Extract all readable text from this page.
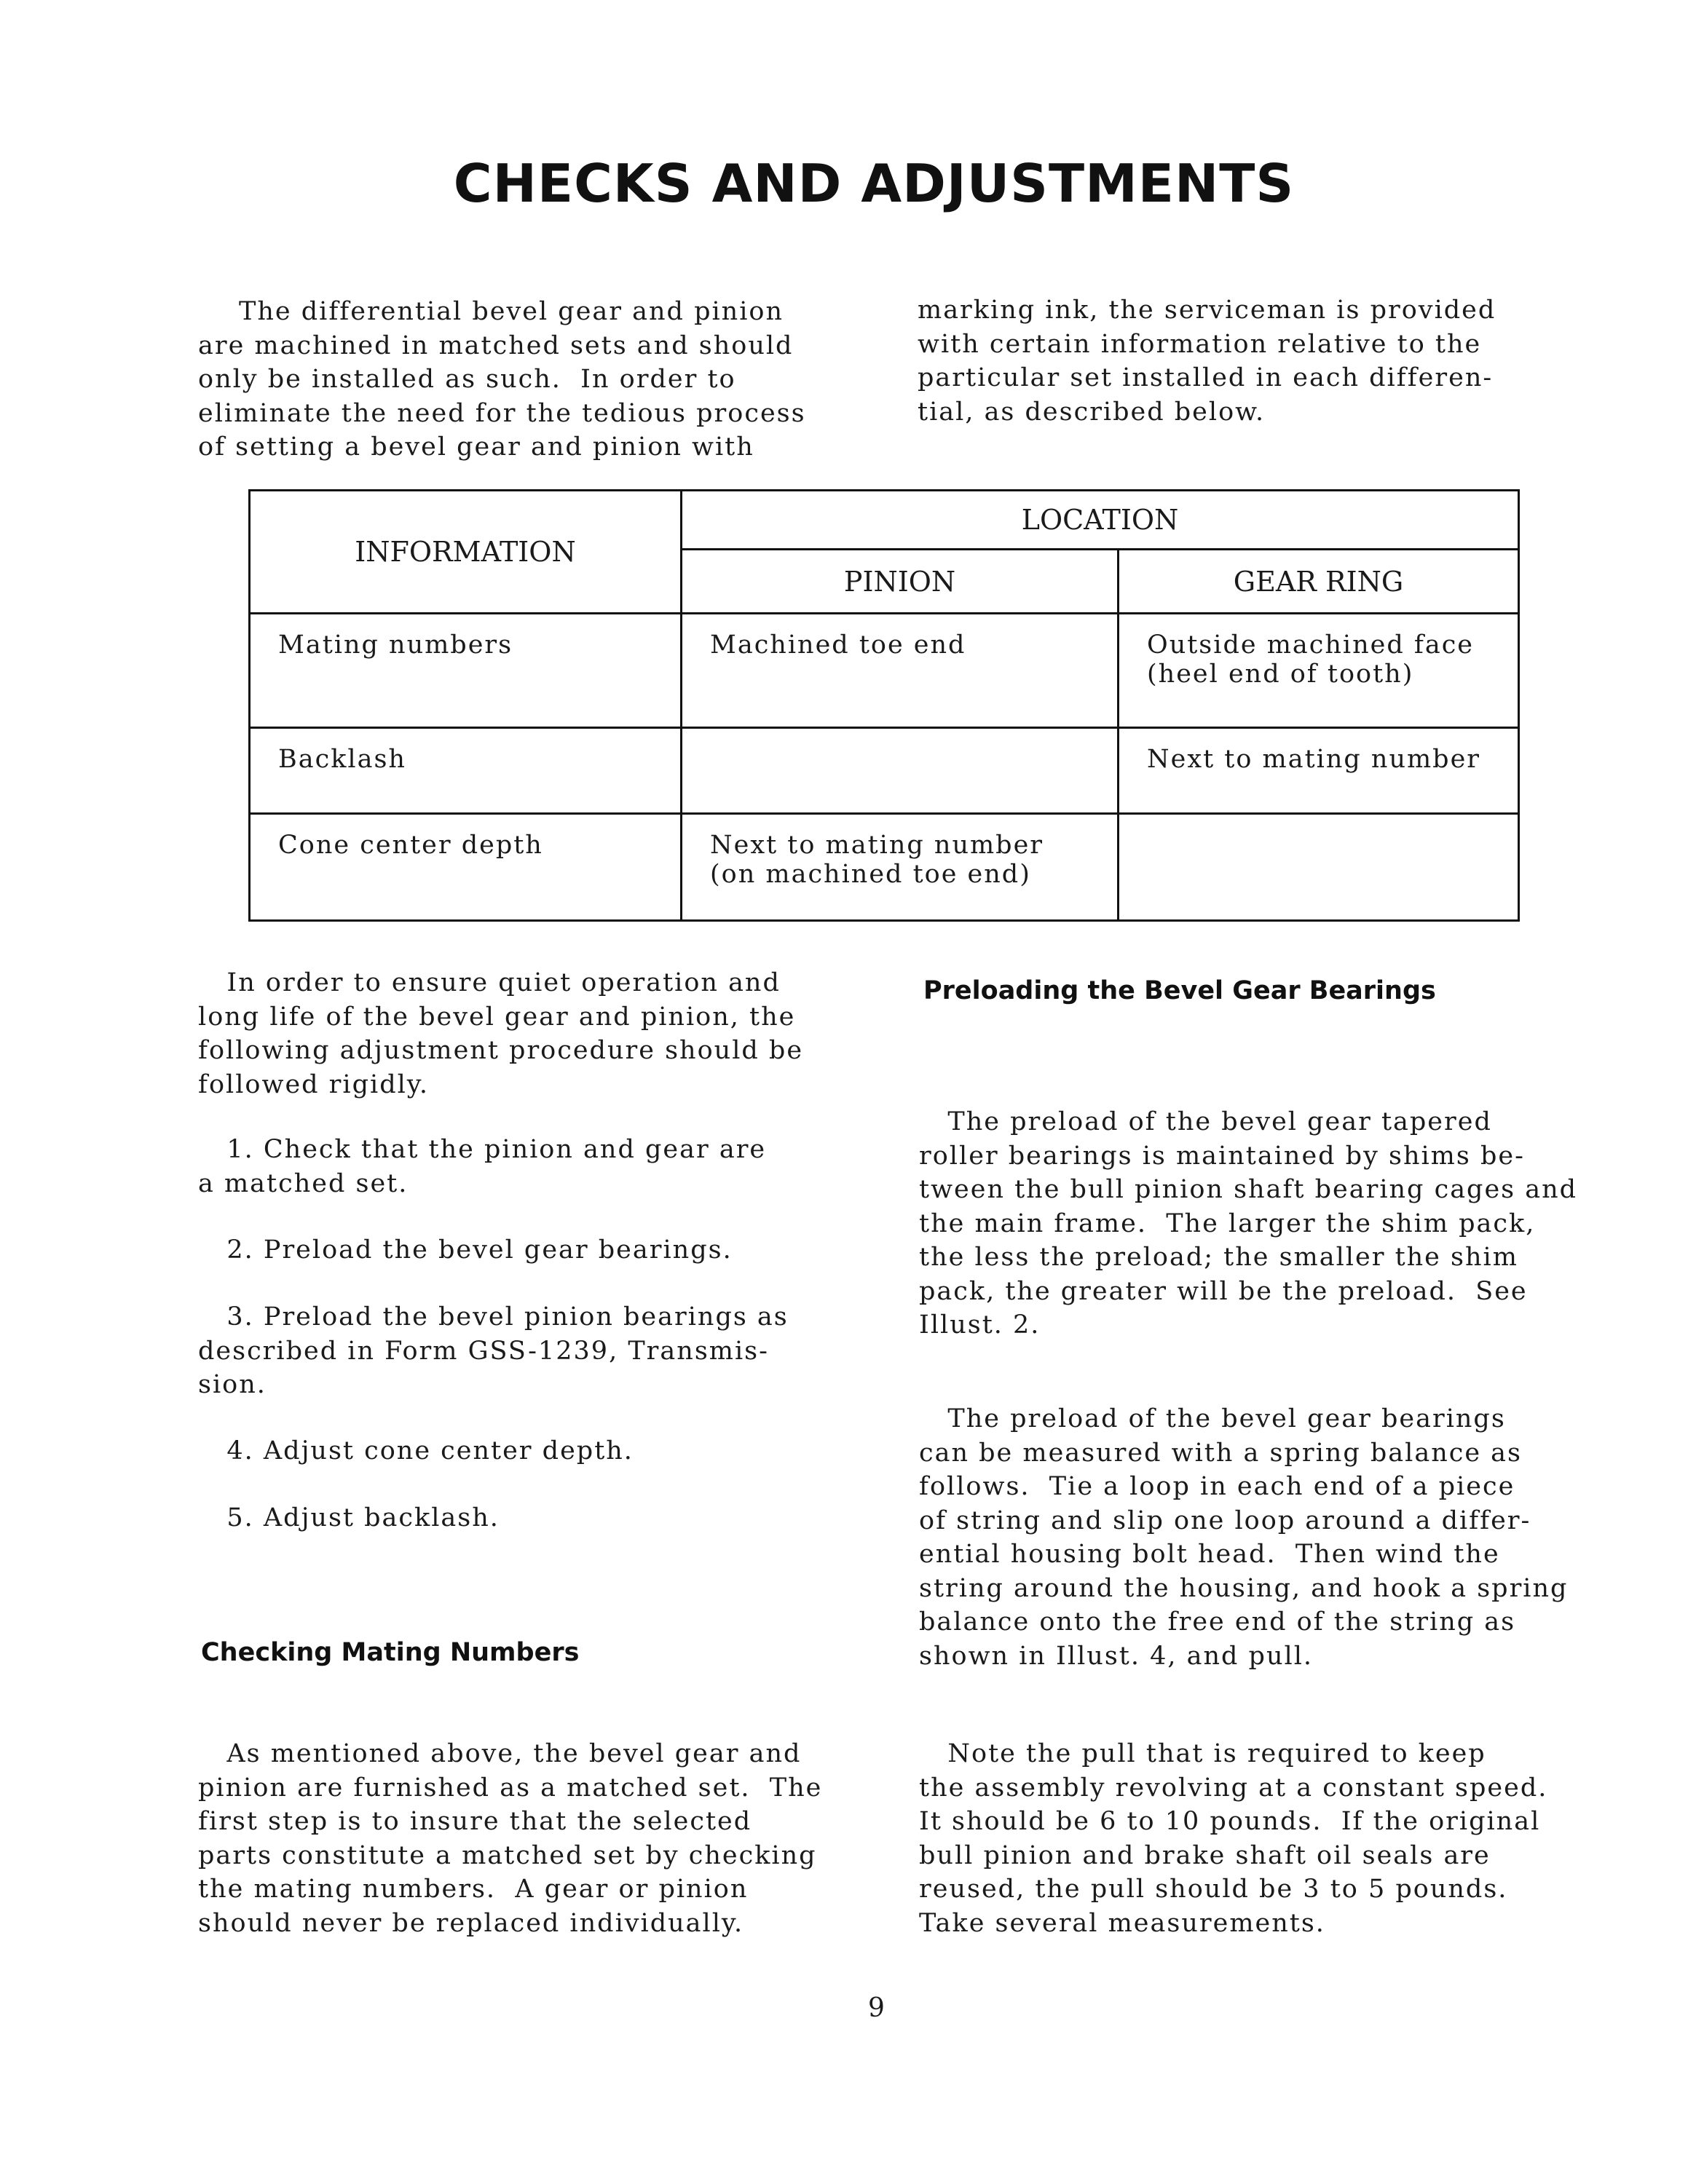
CHECKS AND ADJUSTMENTS

The differential bevel gear and pinion

are machined in matched sets and should
only be installed as such.  In order to
eliminate the need for the tedious process
of setting a bevel gear and pinion with
marking ink, the serviceman is provided
with certain information relative to the
particular set installed in each differen-
tial, as described below.
INFORMATION	LOCATION	
	PINION	GEAR RING

Mating numbers	Machined toe end	Outside machined face
(heel end of tooth)

Backlash		Next to mating number

Cone center depth	Next to mating number
(on machined toe end)	

In order to ensure quiet operation and
long life of the bevel gear and pinion, the
following adjustment procedure should be
followed rigidly.
1. Check that the pinion and gear are
a matched set.
2. Preload the bevel gear bearings.
3. Preload the bevel pinion bearings as
described in Form GSS-1239, Transmis-
sion.
4. Adjust cone center depth.
5. Adjust backlash.
Checking Mating Numbers
As mentioned above, the bevel gear and
pinion are furnished as a matched set.  The
first step is to insure that the selected
parts constitute a matched set by checking
the mating numbers.  A gear or pinion
should never be replaced individually.
Preloading the Bevel Gear Bearings
The preload of the bevel gear tapered
roller bearings is maintained by shims be-
tween the bull pinion shaft bearing cages and
the main frame.  The larger the shim pack,
the less the preload; the smaller the shim
pack, the greater will be the preload.  See
Illust. 2.
The preload of the bevel gear bearings
can be measured with a spring balance as
follows.  Tie a loop in each end of a piece
of string and slip one loop around a differ-
ential housing bolt head.  Then wind the
string around the housing, and hook a spring
balance onto the free end of the string as
shown in Illust. 4, and pull.
Note the pull that is required to keep
the assembly revolving at a constant speed.
It should be 6 to 10 pounds.  If the original
bull pinion and brake shaft oil seals are
reused, the pull should be 3 to 5 pounds.
Take several measurements.
9
